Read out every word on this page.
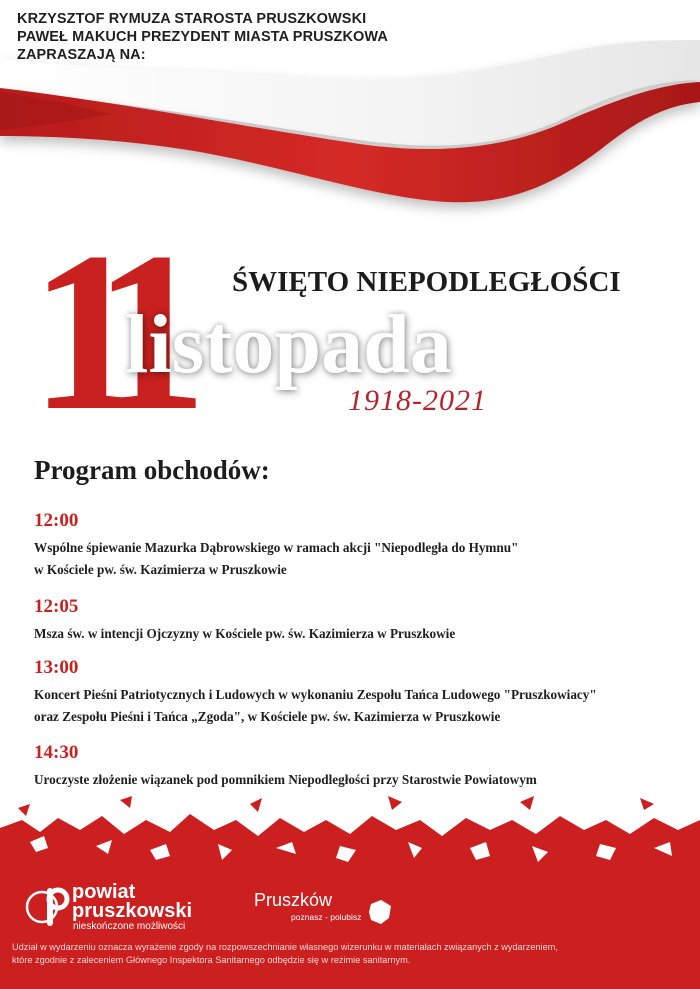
KRZYSZTOF RYMUZA STAROSTA PRUSZKOWSKI
PAWEŁ MAKUCH PREZYDENT MIASTA PRUSZKOWA
ZAPRASZAJĄ NA:
11 ŚWIĘTO NIEPODLEGŁOŚCI
listopada
1918-2021
Program obchodów:
12:00
Wspólne śpiewanie Mazurka Dąbrowskiego w ramach akcji "Niepodległa do Hymnu"
w Kościele pw. św. Kazimierza w Pruszkowie
12:05
Msza św. w intencji Ojczyzny w Kościele pw. św. Kazimierza w Pruszkowie
13:00
Koncert Pieśni Patriotycznych i Ludowych w wykonaniu Zespołu Tańca Ludowego "Pruszkowiacy"
oraz Zespołu Pieśni i Tańca „Zgoda", w Kościele pw. św. Kazimierza w Pruszkowie
14:30
Uroczyste złożenie wiązanek pod pomnikiem Niepodległości przy Starostwie Powiatowym
powiat
pruszkowski
nieskończone możliwości
Pruszków
poznasz - polubisz
Udział w wydarzeniu oznacza wyrażenie zgody na rozpowszechnianie własnego wizerunku w materiałach związanych z wydarzeniem,
które zgodnie z zaleceniem Głównego Inspektora Sanitarnego odbędzie się w reżimie sanitarnym.
